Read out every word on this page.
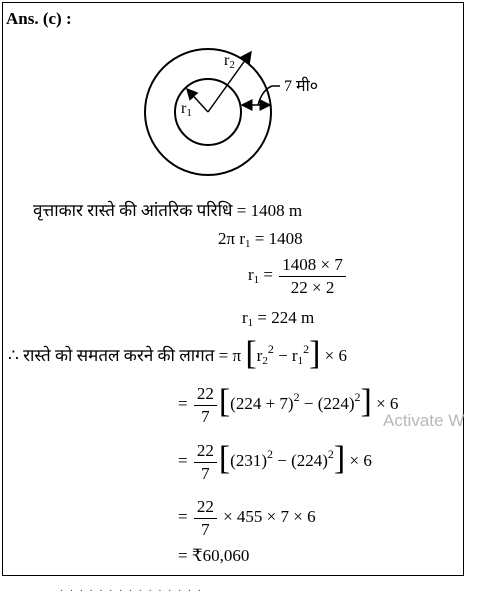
Ans. (c) :
$r_1$
$r_2$
7 मी०
वृत्ताकार रास्ते की आंतरिक परिधि = 1408 m
2π $r_1 = 1408$
$r_1 = \frac{1408 \times 7}{22 \times 2}$
$r_1 = 224$ m
∴ रास्ते को समतल करने की लागत = π $[r_2^2 - r_1^2] \times 6$
= $\frac{22}{7} [(224 + 7)^2 - (224)^2] \times 6$
= $\frac{22}{7} [(231)^2 - (224)^2] \times 6$
= $\frac{22}{7} \times 455 \times 7 \times 6$
= ₹60,060
Activate W
· · · · · · · · · · · · · · ·
